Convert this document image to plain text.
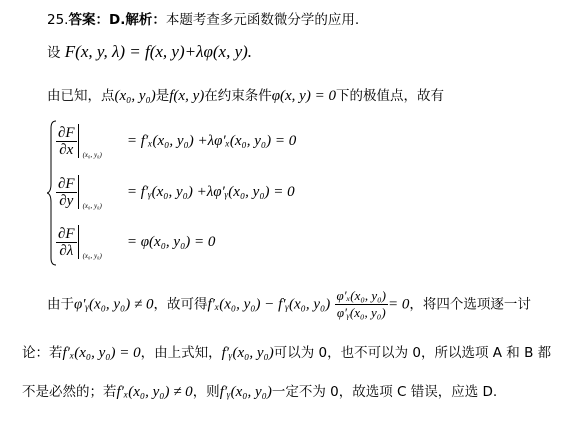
25.答案：D.解析：本题考查多元函数微分学的应用.
设 F(x, y, λ) = f(x, y)+λφ(x, y).
由已知，点(x₀, y₀)是f(x, y)在约束条件φ(x, y) = 0下的极值点，故有
$\frac{\partial F}{\partial x} (x_0$, y₀)
= f′ₓ(x₀, y₀) +λφ′ₓ(x₀, y₀) = 0
$\frac{\partial F}{\partial y} (x_0$, y₀)
= f′ᵧ(x₀, y₀) +λφ′ᵧ(x₀, y₀) = 0
$\frac{\partial F}{\partial\lambda} (x_0$, y₀)
= φ(x₀, y₀) = 0
由于φ′ᵧ(x₀, y₀) ≠ 0，故可得f′ₓ(x₀, y₀) − f′ᵧ(x₀, $y_0) \frac{\text{φ′ₓ(x₀, y₀)}}{\text{φ′ᵧ(x₀, y₀)}} = 0$，将四个选项逐一讨
论：若f′ₓ(x₀, y₀) = 0，由上式知，f′ᵧ(x₀, y₀)可以为 0，也不可以为 0，所以选项 A 和 B 都
不是必然的；若f′ₓ(x₀, y₀) ≠ 0，则f′ᵧ(x₀, y₀)一定不为 0，故选项 C 错误，应选 D.
